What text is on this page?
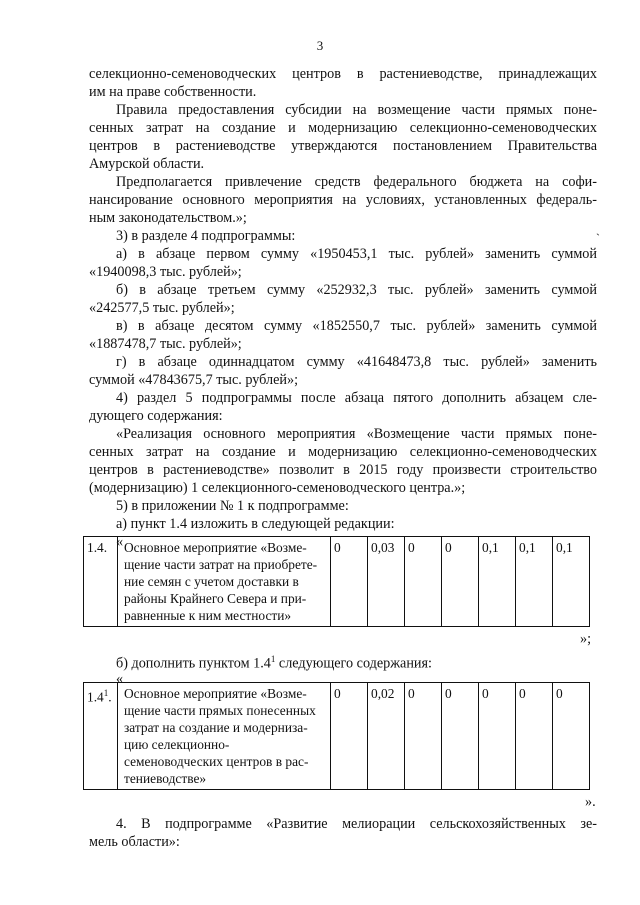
3
селекционно-семеноводческих центров в растениеводстве, принадлежащих
им на праве собственности.
Правила предоставления субсидии на возмещение части прямых поне-
сенных затрат на создание и модернизацию селекционно-семеноводческих
центров в растениеводстве утверждаются постановлением Правительства
Амурской области.
Предполагается привлечение средств федерального бюджета на софи-
нансирование основного мероприятия на условиях, установленных федераль-
ным законодательством.»;
ˎ
3) в разделе 4 подпрограммы:
а) в абзаце первом сумму «1950453,1 тыс. рублей» заменить суммой
«1940098,3 тыс. рублей»;
б) в абзаце третьем сумму «252932,3 тыс. рублей» заменить суммой
«242577,5 тыс. рублей»;
в) в абзаце десятом сумму «1852550,7 тыс. рублей» заменить суммой
«1887478,7 тыс. рублей»;
г) в абзаце одиннадцатом сумму «41648473,8 тыс. рублей» заменить
суммой «47843675,7 тыс. рублей»;
4) раздел 5 подпрограммы после абзаца пятого дополнить абзацем сле-
дующего содержания:
«Реализация основного мероприятия «Возмещение части прямых поне-
сенных затрат на создание и модернизацию селекционно-семеноводческих
центров в растениеводстве» позволит в 2015 году произвести строительство
(модернизацию) 1 селекционного-семеноводческого центра.»;
5) в приложении № 1 к подпрограмме:
а) пункт 1.4 изложить в следующей редакции:
«
1.4.	Основное мероприятие «Возме-
щение части затрат на приобрете-
ние семян с учетом доставки в
районы Крайнего Севера и при-
равненные к ним местности»	0	0,03	0	0	0,1	0,1	0,1
»;
б) дополнить пунктом $1.4^1$ следующего содержания:
«
$1.4^1$.	Основное мероприятие «Возме-
щение части прямых понесенных
затрат на создание и модерниза-
цию селекционно-
семеноводческих центров в рас-
тениеводстве»	0	0,02	0	0	0	0	0
».
4. В подпрограмме «Развитие мелиорации сельскохозяйственных зе-
мель области»:
